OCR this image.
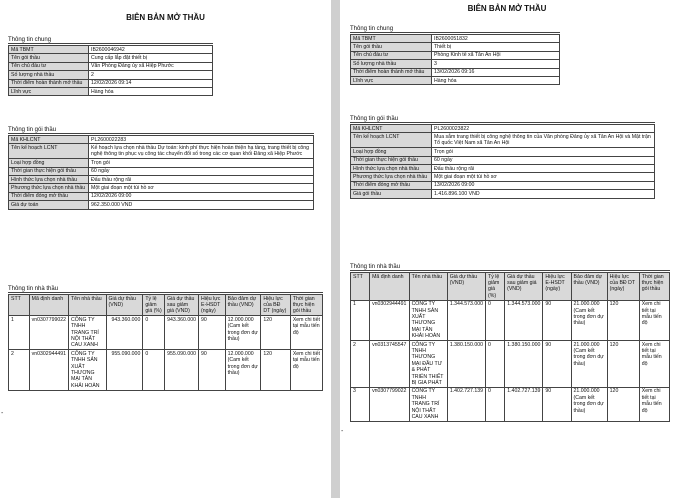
BIÊN BẢN MỞ THẦU
Thông tin chung
Mã TBMT	IB2600046942
Tên gói thầu	Cung cấp lắp đặt thiết bị
Tên chủ đầu tư	Văn Phòng Đảng ủy xã Hiệp Phước
Số lượng nhà thầu	2
Thời điểm hoàn thành mở thầu	12/02/2026 09:14
Lĩnh vực	Hàng hóa
Thông tin gói thầu
Mã KHLCNT	PL2600022283
Tên kế hoạch LCNT	Kế hoạch lựa chọn nhà thầu Dự toán: kinh phí thực hiện hoàn thiện hạ tầng, trang thiết bị công nghệ thông tin phục vụ công tác chuyển đổi số trong các cơ quan khối Đảng xã Hiệp Phước
Loại hợp đồng	Trọn gói
Thời gian thực hiện gói thầu	60 ngày
Hình thức lựa chọn nhà thầu	Đấu thầu rộng rãi
Phương thức lựa chọn nhà thầu	Một giai đoạn một túi hồ sơ
Thời điểm đóng mở thầu	12/02/2026 09:00
Giá dự toán	962.350.000 VND
Thông tin nhà thầu
STT	Mã định danh	Tên nhà thầu	Giá dự thầu (VND)	Tỷ lệ giảm giá (%)	Giá dự thầu sau giảm giá (VND)	Hiệu lực E-HSDT (ngày)	Bảo đảm dự thầu (VND)	Hiệu lực của BĐ DT (ngày)	Thời gian thực hiện gói thầu
1	vn0307799022	CÔNG TY TNHH TRANG TRÍ NỘI THẤT CAU XANH	943.360.000	0	943.360.000	90	12.000.000 (Cam kết trong đơn dự thầu)	120	Xem chi tiết tại mẫu tiến độ
2	vn0302944491	CÔNG TY TNHH SẢN XUẤT THƯƠNG MẠI TÂN KHẢI HOÀN	955.090.000	0	955.090.000	90	12.000.000 (Cam kết trong đơn dự thầu)	120	Xem chi tiết tại mẫu tiến độ
-
BIÊN BẢN MỞ THẦU
Thông tin chung
Mã TBMT	IB2600051832
Tên gói thầu	Thiết bị
Tên chủ đầu tư	Phòng Kinh tế xã Tân An Hội
Số lượng nhà thầu	3
Thời điểm hoàn thành mở thầu	13/02/2026 09:16
Lĩnh vực	Hàng hóa
Thông tin gói thầu
Mã KHLCNT	PL2600023822
Tên kế hoạch LCNT	Mua sắm trang thiết bị công nghệ thông tin của Văn phòng Đảng ủy xã Tân An Hội và Mặt trận Tổ quốc Việt Nam xã Tân An Hội
Loại hợp đồng	Trọn gói
Thời gian thực hiện gói thầu	60 ngày
Hình thức lựa chọn nhà thầu	Đấu thầu rộng rãi
Phương thức lựa chọn nhà thầu	Một giai đoạn một túi hồ sơ
Thời điểm đóng mở thầu	13/02/2026 09:00
Giá gói thầu	1.416.896.100 VND
Thông tin nhà thầu
STT	Mã định danh	Tên nhà thầu	Giá dự thầu (VND)	Tỷ lệ giảm giá (%)	Giá dự thầu sau giảm giá (VND)	Hiệu lực E-HSDT (ngày)	Bảo đảm dự thầu (VND)	Hiệu lực của BĐ DT (ngày)	Thời gian thực hiện gói thầu
1	vn0302944491	CÔNG TY TNHH SẢN XUẤT THƯƠNG MẠI TÂN KHẢI HOÀN	1.344.573.000	0	1.344.573.000	90	21.000.000 (Cam kết trong đơn dự thầu)	120	Xem chi tiết tại mẫu tiến độ
2	vn0313745547	CÔNG TY TNHH THƯƠNG MẠI ĐẦU TƯ & PHÁT TRIỂN THIẾT BỊ GIA PHÁT	1.380.150.000	0	1.380.150.000	90	21.000.000 (Cam kết trong đơn dự thầu)	120	Xem chi tiết tại mẫu tiến độ
3	vn0307799022	CÔNG TY TNHH TRANG TRÍ NỘI THẤT CAU XANH	1.402.727.139	0	1.402.727.139	90	21.000.000 (Cam kết trong đơn dự thầu)	120	Xem chi tiết tại mẫu tiến độ
-
